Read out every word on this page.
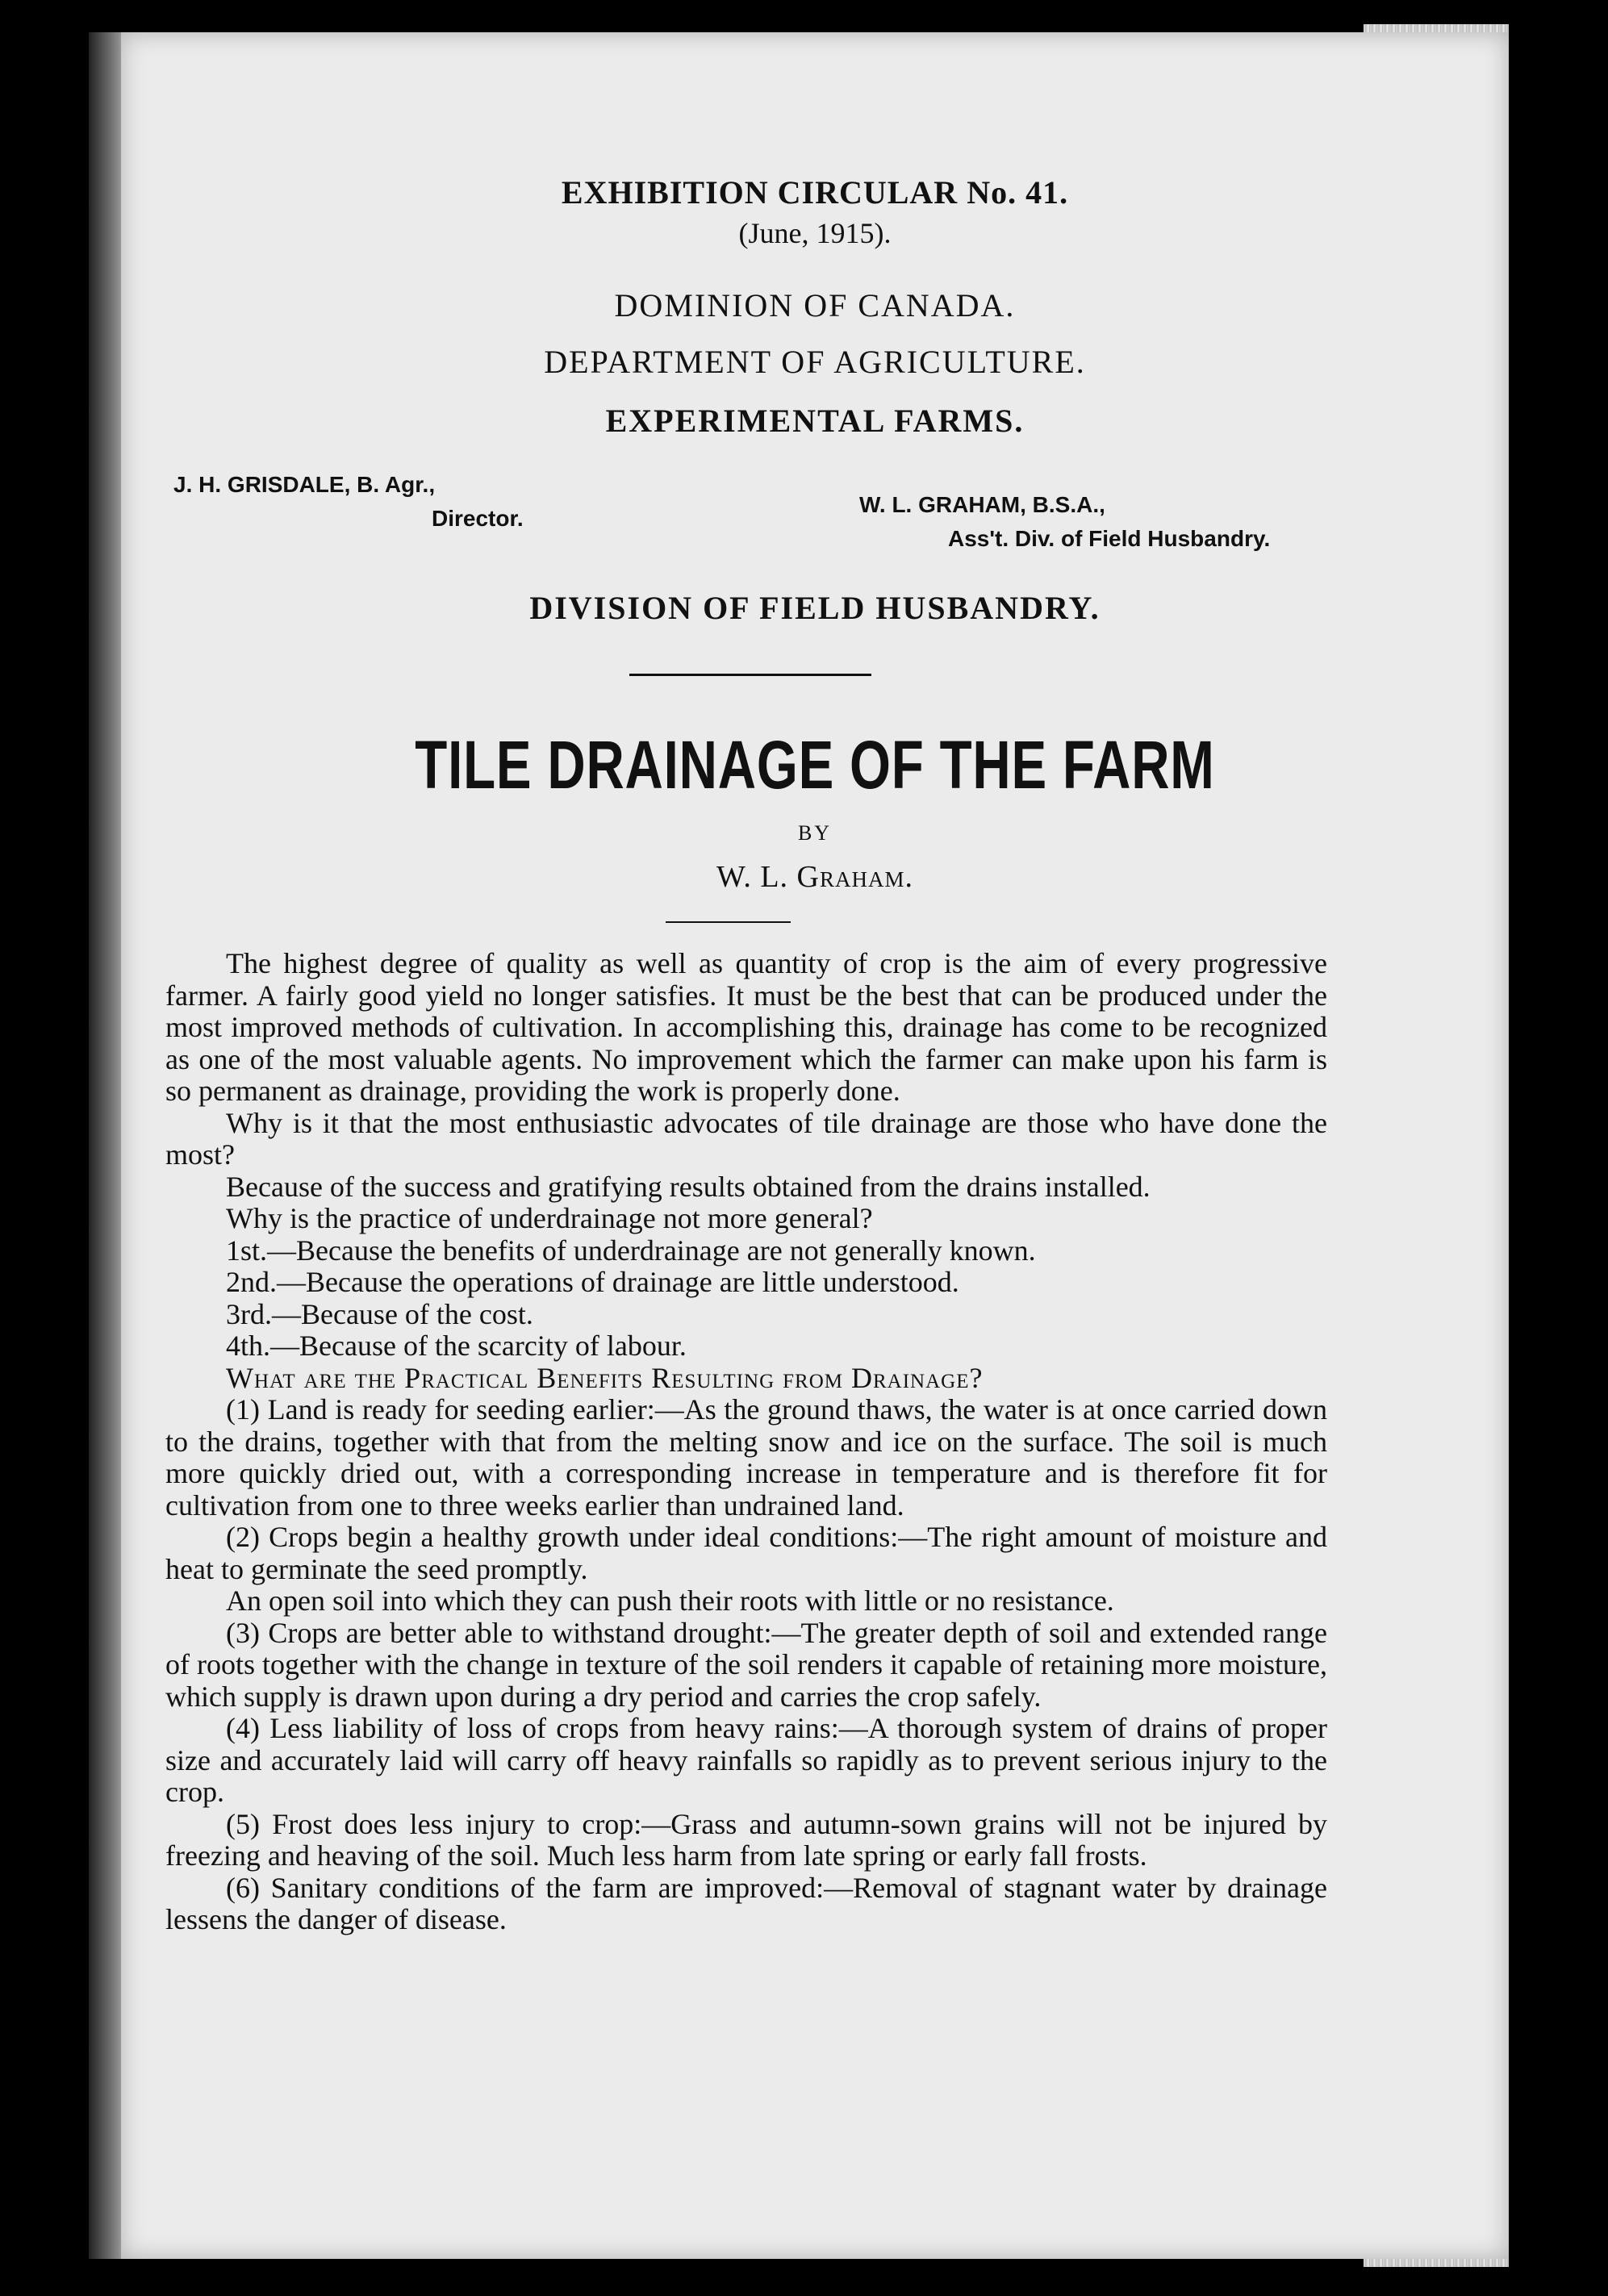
EXHIBITION CIRCULAR No. 41.
(June, 1915).
DOMINION OF CANADA.
DEPARTMENT OF AGRICULTURE.
EXPERIMENTAL FARMS.
J. H. GRISDALE, B. Agr.,
Director.
W. L. GRAHAM, B.S.A.,
Ass't. Div. of Field Husbandry.
DIVISION OF FIELD HUSBANDRY.
TILE DRAINAGE OF THE FARM
BY
W. L. Graham.

The highest degree of quality as well as quantity of crop is the aim of every progressive farmer. A fairly good yield no longer satisfies. It must be the best that can be produced under the most improved methods of cultivation. In accomplishing this, drainage has come to be recognized as one of the most valuable agents. No improvement which the farmer can make upon his farm is so permanent as drainage, providing the work is properly done.

Why is it that the most enthusiastic advocates of tile drainage are those who have done the most?

Because of the success and gratifying results obtained from the drains installed.

Why is the practice of underdrainage not more general?

1st.—Because the benefits of underdrainage are not generally known.

2nd.—Because the operations of drainage are little understood.

3rd.—Because of the cost.

4th.—Because of the scarcity of labour.

What are the Practical Benefits Resulting from Drainage?

(1) Land is ready for seeding earlier:—As the ground thaws, the water is at once carried down to the drains, together with that from the melting snow and ice on the surface. The soil is much more quickly dried out, with a corresponding increase in temperature and is therefore fit for cultivation from one to three weeks earlier than undrained land.

(2) Crops begin a healthy growth under ideal conditions:—The right amount of moisture and heat to germinate the seed promptly.

An open soil into which they can push their roots with little or no resistance.

(3) Crops are better able to withstand drought:—The greater depth of soil and extended range of roots together with the change in texture of the soil renders it capable of retaining more moisture, which supply is drawn upon during a dry period and carries the crop safely.

(4) Less liability of loss of crops from heavy rains:—A thorough system of drains of proper size and accurately laid will carry off heavy rainfalls so rapidly as to prevent serious injury to the crop.

(5) Frost does less injury to crop:—Grass and autumn-sown grains will not be injured by freezing and heaving of the soil. Much less harm from late spring or early fall frosts.

(6) Sanitary conditions of the farm are improved:—Removal of stagnant water by drainage lessens the danger of disease.
